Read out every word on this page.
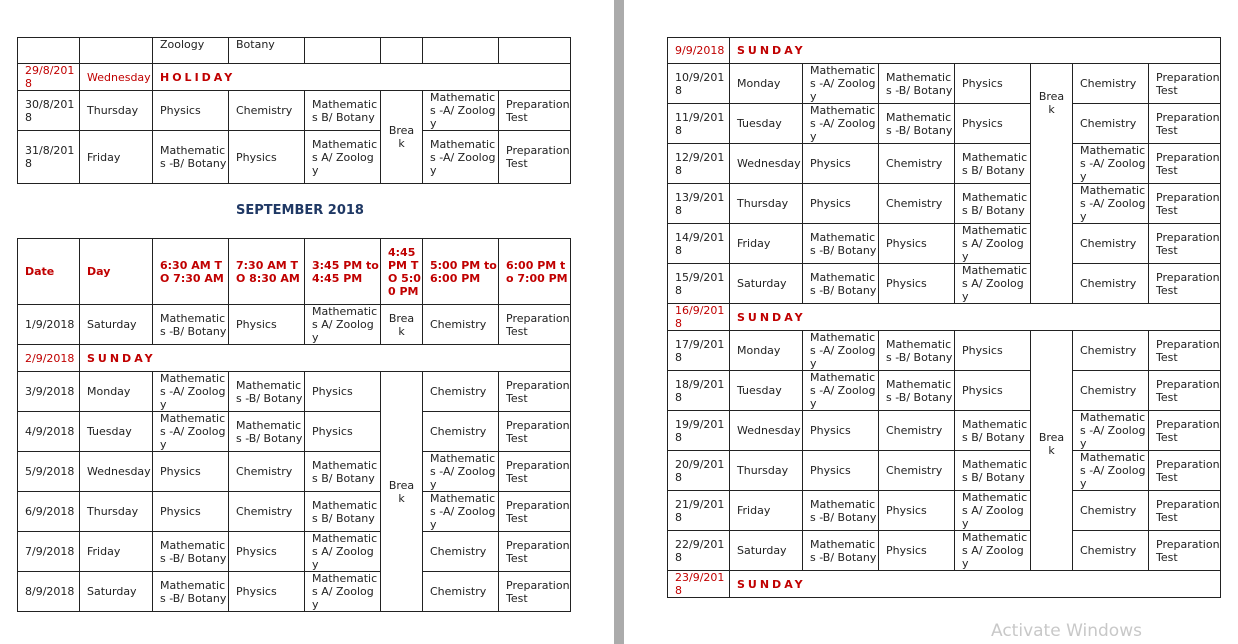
		Zoology	Botany				
29/8/2018	Wednesday	HOLIDAY					
30/8/2018	Thursday	Physics	Chemistry	Mathematics B/ Botany	Break	Mathematics -A/ Zoology	Preparation Test
31/8/2018	Friday	Mathematics -B/ Botany	Physics	Mathematics A/ Zoology		Mathematics -A/ Zoology	Preparation Test
SEPTEMBER 2018
Date	Day	6:30 AM TO 7:30 AM	7:30 AM TO 8:30 AM	3:45 PM to 4:45 PM	4:45 PM TO 5:00 PM	5:00 PM to 6:00 PM	6:00 PM to 7:00 PM
1/9/2018	Saturday	Mathematics -B/ Botany	Physics	Mathematics A/ Zoology	Break	Chemistry	Preparation Test
2/9/2018	SUNDAY						
3/9/2018	Monday	Mathematics -A/ Zoology	Mathematics -B/ Botany	Physics	Break	Chemistry	Preparation Test
4/9/2018	Tuesday	Mathematics -A/ Zoology	Mathematics -B/ Botany	Physics		Chemistry	Preparation Test
5/9/2018	Wednesday	Physics	Chemistry	Mathematics B/ Botany		Mathematics -A/ Zoology	Preparation Test
6/9/2018	Thursday	Physics	Chemistry	Mathematics B/ Botany		Mathematics -A/ Zoology	Preparation Test
7/9/2018	Friday	Mathematics -B/ Botany	Physics	Mathematics A/ Zoology		Chemistry	Preparation Test
8/9/2018	Saturday	Mathematics -B/ Botany	Physics	Mathematics A/ Zoology		Chemistry	Preparation Test
9/9/2018	SUNDAY						
10/9/2018	Monday	Mathematics -A/ Zoology	Mathematics -B/ Botany	Physics	Break	Chemistry	Preparation Test
11/9/2018	Tuesday	Mathematics -A/ Zoology	Mathematics -B/ Botany	Physics		Chemistry	Preparation Test
12/9/2018	Wednesday	Physics	Chemistry	Mathematics B/ Botany		Mathematics -A/ Zoology	Preparation Test
13/9/2018	Thursday	Physics	Chemistry	Mathematics B/ Botany		Mathematics -A/ Zoology	Preparation Test
14/9/2018	Friday	Mathematics -B/ Botany	Physics	Mathematics A/ Zoology		Chemistry	Preparation Test
15/9/2018	Saturday	Mathematics -B/ Botany	Physics	Mathematics A/ Zoology		Chemistry	Preparation Test
16/9/2018	SUNDAY						
17/9/2018	Monday	Mathematics -A/ Zoology	Mathematics -B/ Botany	Physics	Break	Chemistry	Preparation Test
18/9/2018	Tuesday	Mathematics -A/ Zoology	Mathematics -B/ Botany	Physics		Chemistry	Preparation Test
19/9/2018	Wednesday	Physics	Chemistry	Mathematics B/ Botany		Mathematics -A/ Zoology	Preparation Test
20/9/2018	Thursday	Physics	Chemistry	Mathematics B/ Botany		Mathematics -A/ Zoology	Preparation Test
21/9/2018	Friday	Mathematics -B/ Botany	Physics	Mathematics A/ Zoology		Chemistry	Preparation Test
22/9/2018	Saturday	Mathematics -B/ Botany	Physics	Mathematics A/ Zoology		Chemistry	Preparation Test
23/9/2018	SUNDAY						
Activate Windows
